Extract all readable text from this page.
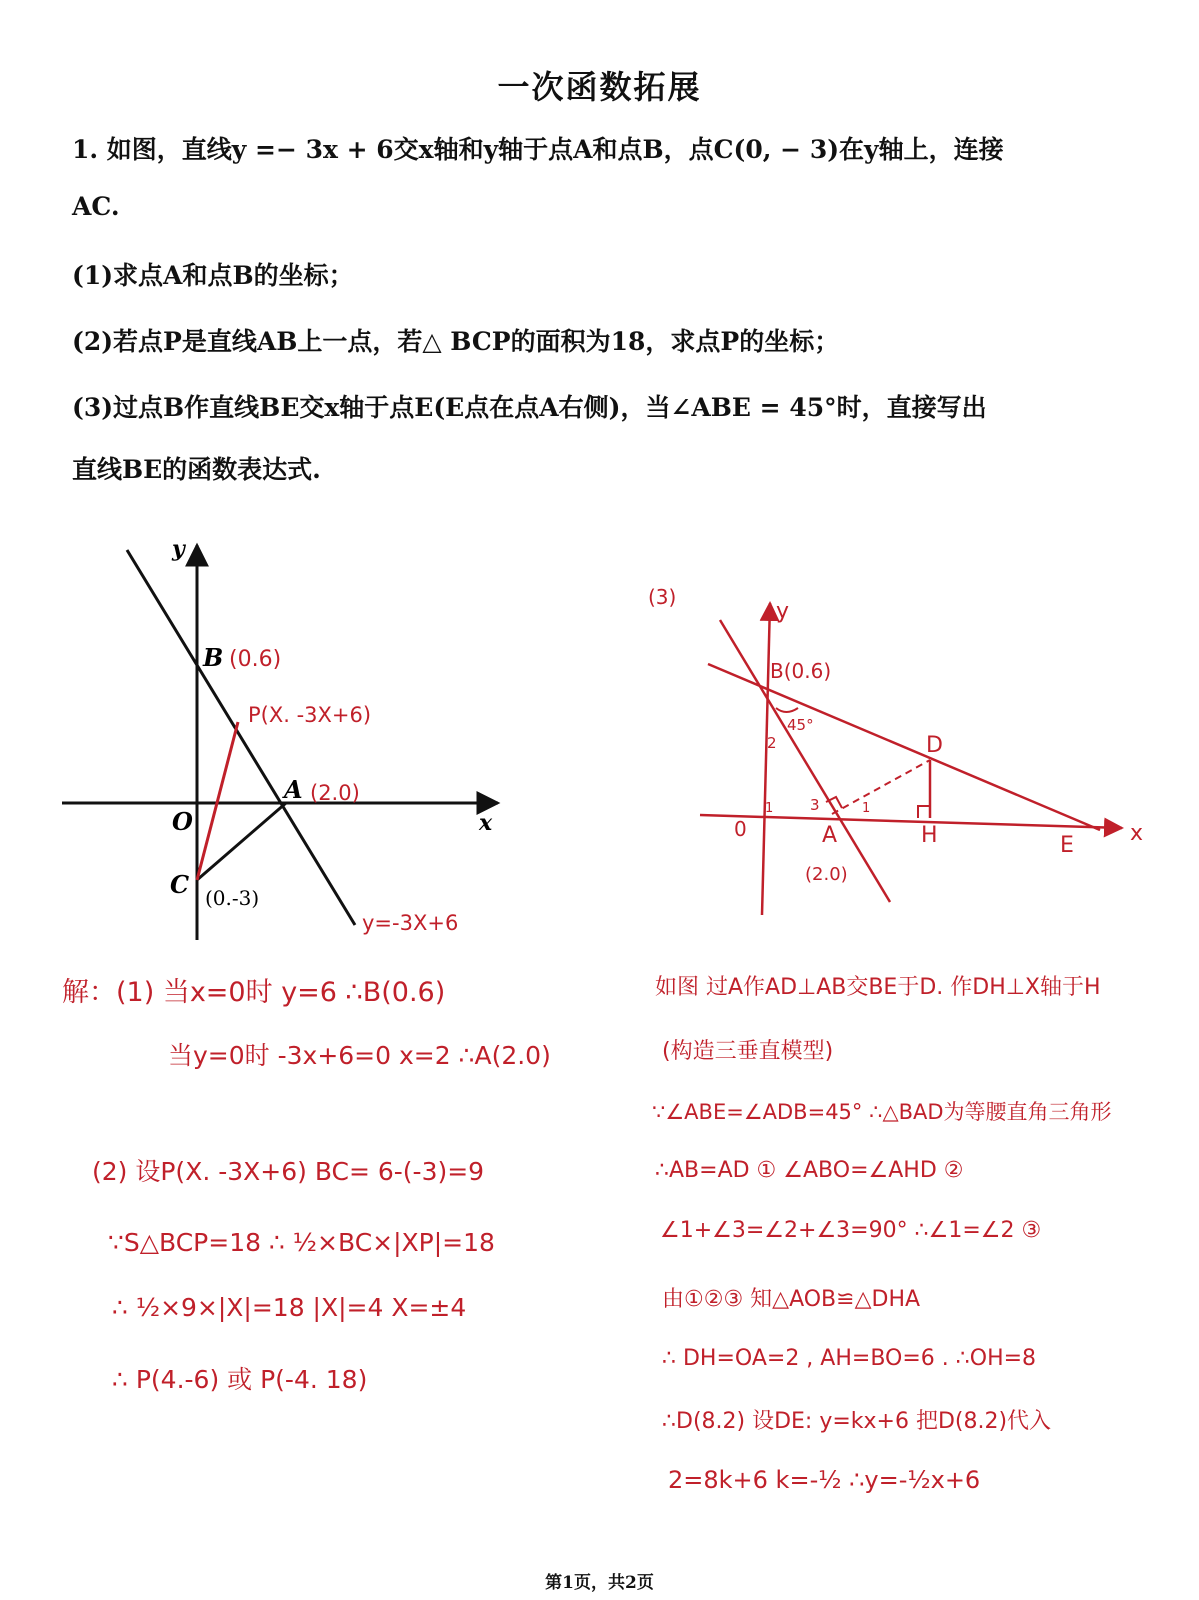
一次函数拓展
1. 如图，直线y =− 3x + 6交x轴和y轴于点A和点B，点C(0, − 3)在y轴上，连接
AC.
(1)求点A和点B的坐标；
(2)若点P是直线AB上一点，若△ BCP的面积为18，求点P的坐标；
(3)过点B作直线BE交x轴于点E(E点在点A右侧)，当∠ABE = 45°时，直接写出
直线BE的函数表达式.
y
x
O
B (0.6)
P(X. -3X+6)
A (2.0)
C (0.-3)
y=-3X+6
(3)
y
x
0
B(0.6)
45°
2
1 3	1
D
A
(2.0)
H	E
解：(1) 当x=0时 y=6 ∴B(0.6)
当y=0时 -3x+6=0 x=2 ∴A(2.0)
(2) 设P(X. -3X+6) BC= 6-(-3)=9
∵S△BCP=18 ∴ ½×BC×|XP|=18
∴ ½×9×|X|=18 |X|=4 X=±4
∴ P(4.-6) 或 P(-4. 18)
如图 过A作AD⊥AB交BE于D. 作DH⊥X轴于H
(构造三垂直模型)
∵∠ABE=∠ADB=45° ∴△BAD为等腰直角三角形
∴AB=AD ① ∠ABO=∠AHD ②
∠1+∠3=∠2+∠3=90° ∴∠1=∠2 ③
由①②③ 知△AOB≌△DHA
∴ DH=OA=2 , AH=BO=6 . ∴OH=8
∴D(8.2) 设DE: y=kx+6 把D(8.2)代入
2=8k+6 k=-½ ∴y=-½x+6
第1页，共2页
